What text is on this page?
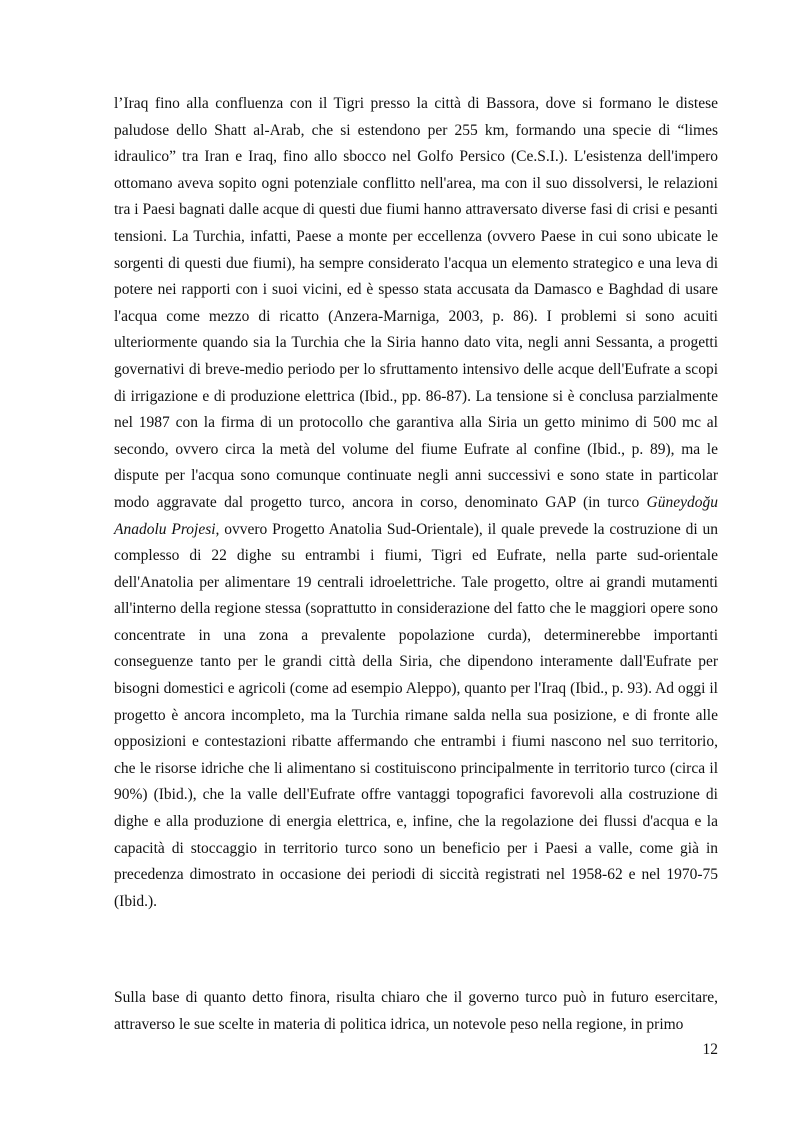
l’Iraq fino alla confluenza con il Tigri presso la città di Bassora, dove si formano le distese paludose dello Shatt al-Arab, che si estendono per 255 km, formando una specie di “limes idraulico” tra Iran e Iraq, fino allo sbocco nel Golfo Persico (Ce.S.I.). L'esistenza dell'impero ottomano aveva sopito ogni potenziale conflitto nell'area, ma con il suo dissolversi, le relazioni tra i Paesi bagnati dalle acque di questi due fiumi hanno attraversato diverse fasi di crisi e pesanti tensioni. La Turchia, infatti, Paese a monte per eccellenza (ovvero Paese in cui sono ubicate le sorgenti di questi due fiumi), ha sempre considerato l'acqua un elemento strategico e una leva di potere nei rapporti con i suoi vicini, ed è spesso stata accusata da Damasco e Baghdad di usare l'acqua come mezzo di ricatto (Anzera-Marniga, 2003, p. 86). I problemi si sono acuiti ulteriormente quando sia la Turchia che la Siria hanno dato vita, negli anni Sessanta, a progetti governativi di breve-medio periodo per lo sfruttamento intensivo delle acque dell'Eufrate a scopi di irrigazione e di produzione elettrica (Ibid., pp. 86-87). La tensione si è conclusa parzialmente nel 1987 con la firma di un protocollo che garantiva alla Siria un getto minimo di 500 mc al secondo, ovvero circa la metà del volume del fiume Eufrate al confine (Ibid., p. 89), ma le dispute per l'acqua sono comunque continuate negli anni successivi e sono state in particolar modo aggravate dal progetto turco, ancora in corso, denominato GAP (in turco Güneydoğu Anadolu Projesi, ovvero Progetto Anatolia Sud-Orientale), il quale prevede la costruzione di un complesso di 22 dighe su entrambi i fiumi, Tigri ed Eufrate, nella parte sud-orientale dell'Anatolia per alimentare 19 centrali idroelettriche. Tale progetto, oltre ai grandi mutamenti all'interno della regione stessa (soprattutto in considerazione del fatto che le maggiori opere sono concentrate in una zona a prevalente popolazione curda), determinerebbe importanti conseguenze tanto per le grandi città della Siria, che dipendono interamente dall'Eufrate per bisogni domestici e agricoli (come ad esempio Aleppo), quanto per l'Iraq (Ibid., p. 93). Ad oggi il progetto è ancora incompleto, ma la Turchia rimane salda nella sua posizione, e di fronte alle opposizioni e contestazioni ribatte affermando che entrambi i fiumi nascono nel suo territorio, che le risorse idriche che li alimentano si costituiscono principalmente in territorio turco (circa il 90%) (Ibid.), che la valle dell'Eufrate offre vantaggi topografici favorevoli alla costruzione di dighe e alla produzione di energia elettrica, e, infine, che la regolazione dei flussi d'acqua e la capacità di stoccaggio in territorio turco sono un beneficio per i Paesi a valle, come già in precedenza dimostrato in occasione dei periodi di siccità registrati nel 1958-62 e nel 1970-75 (Ibid.).

Sulla base di quanto detto finora, risulta chiaro che il governo turco può in futuro esercitare, attraverso le sue scelte in materia di politica idrica, un notevole peso nella regione, in primo

12
